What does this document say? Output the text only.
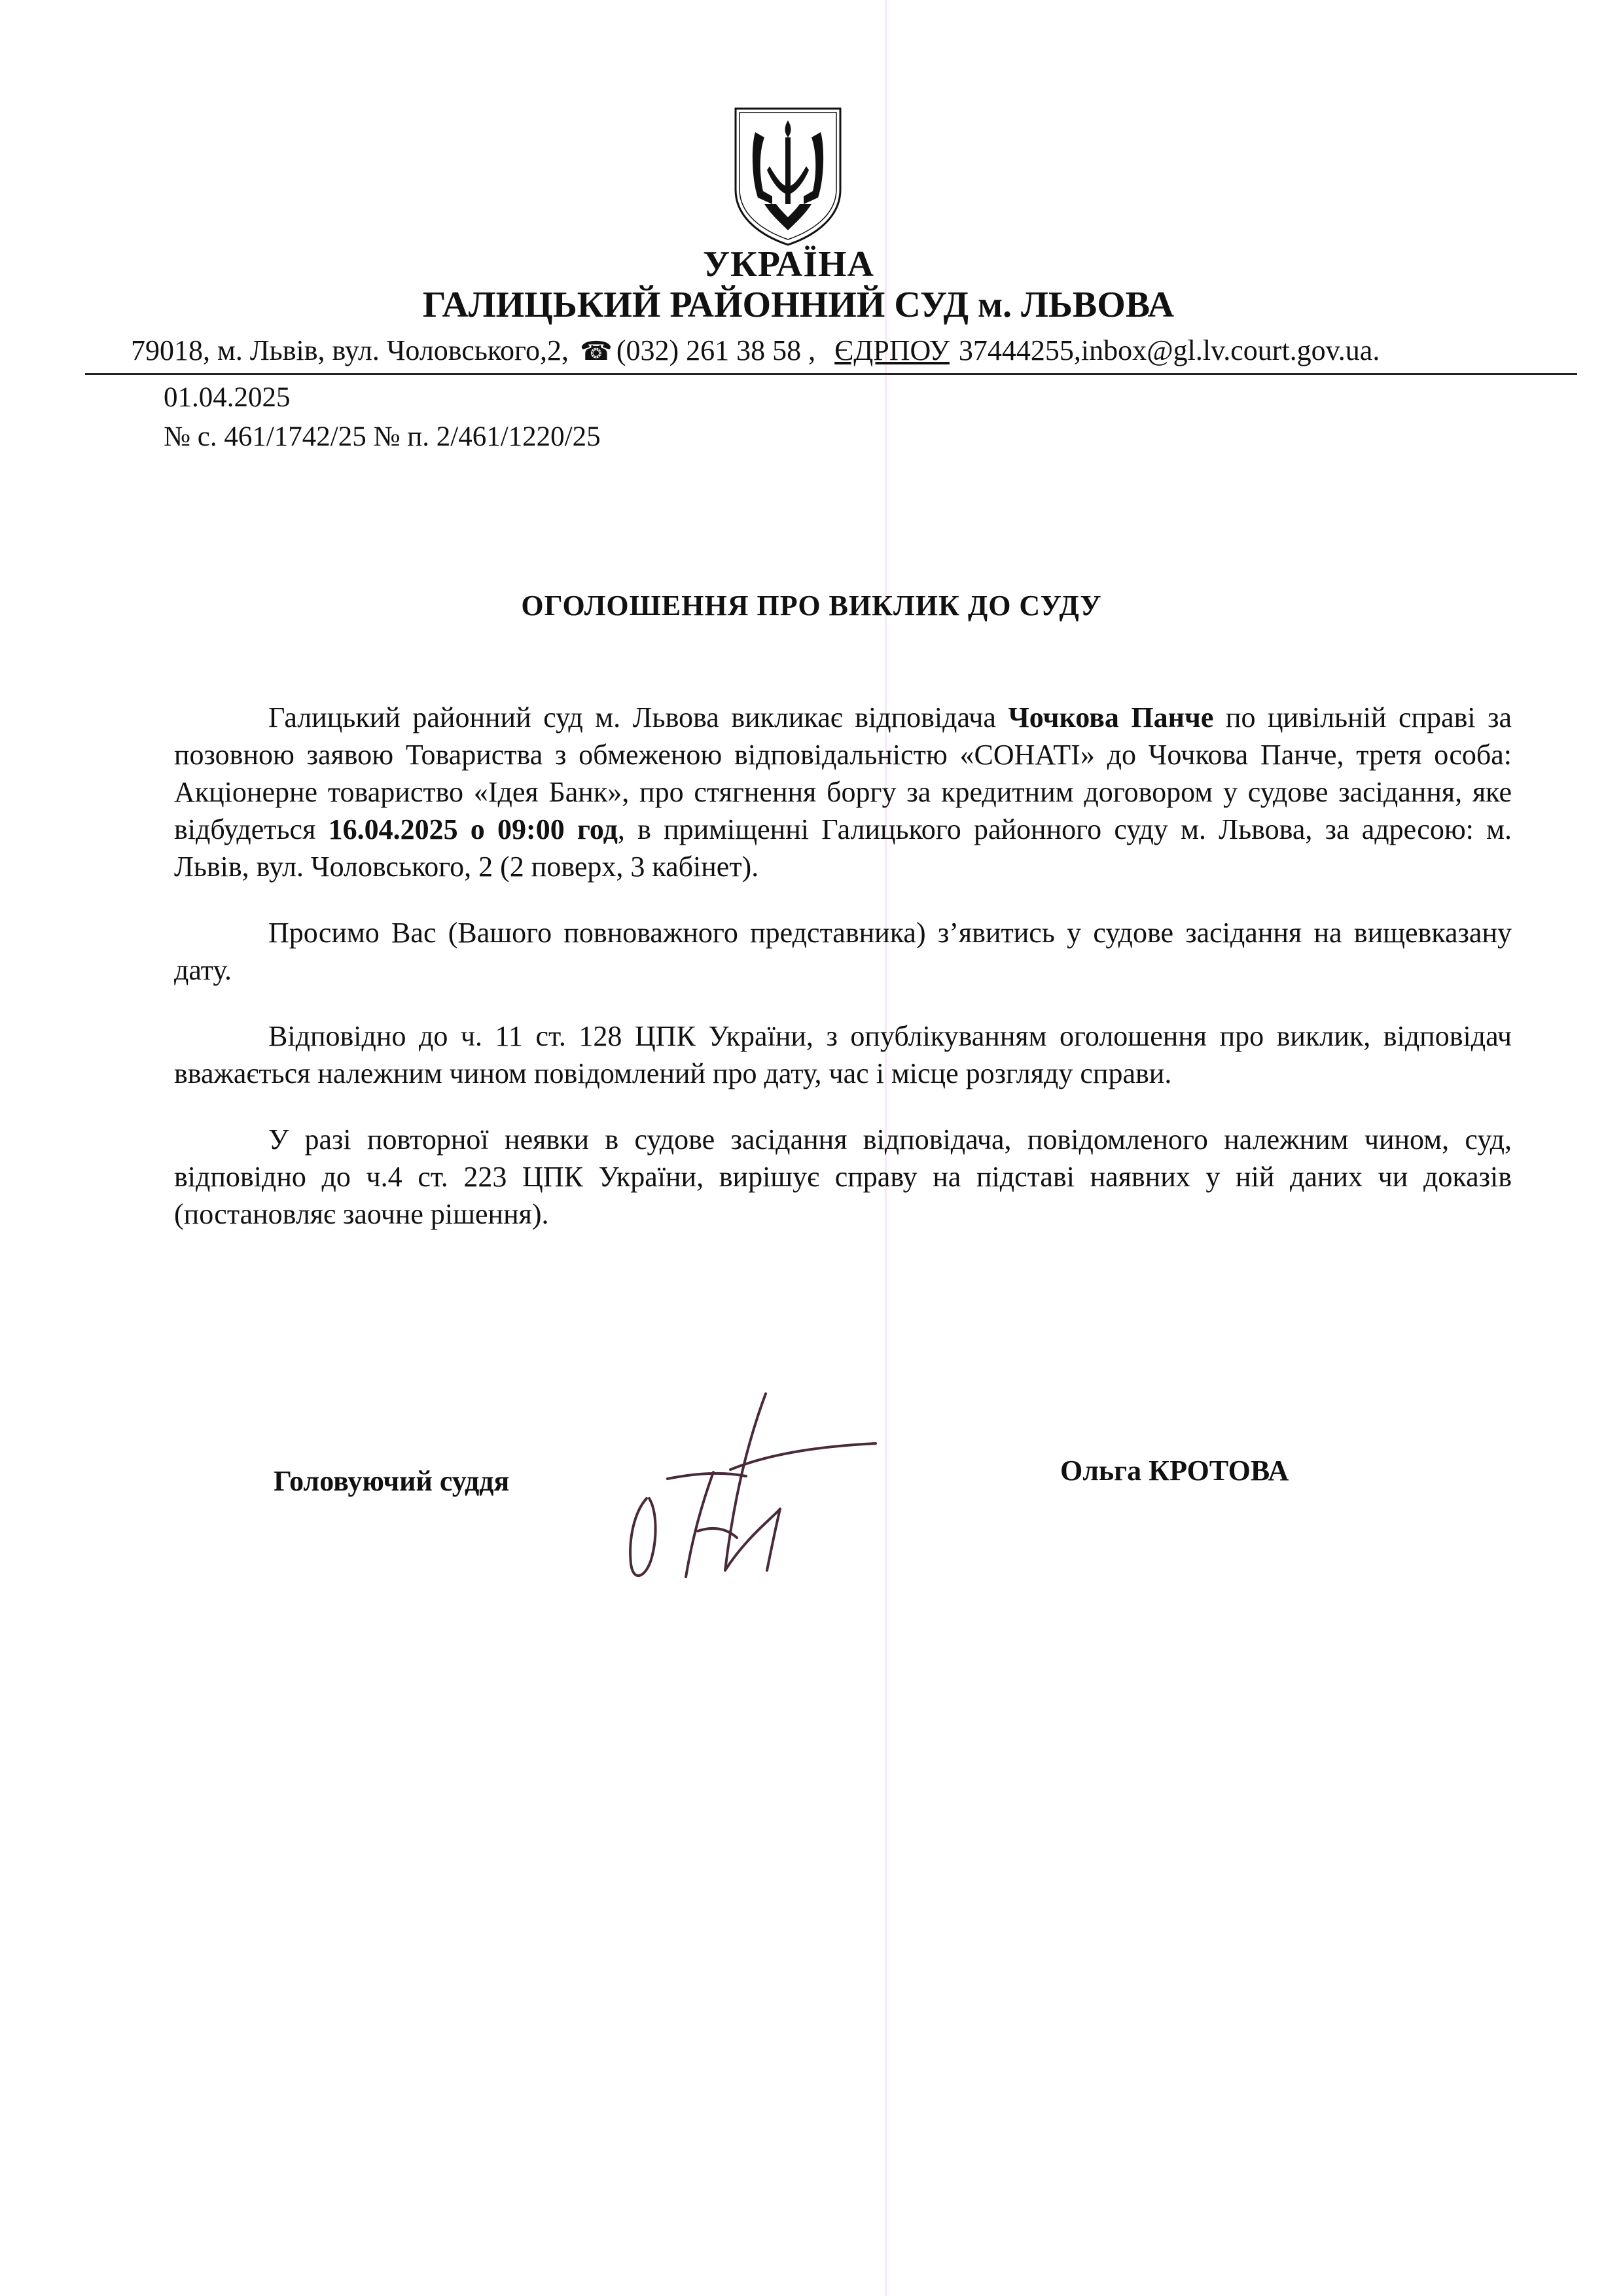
УКРАЇНА
ГАЛИЦЬКИЙ РАЙОННИЙ СУД м. ЛЬВОВА
79018, м. Львів, вул. Чоловського,2, ☎ (032) 261 38 58 , ЄДРПОУ 37444255,inbox@gl.lv.court.gov.ua.
01.04.2025
№ с. 461/1742/25 № п. 2/461/1220/25
ОГОЛОШЕННЯ ПРО ВИКЛИК ДО СУДУ

Галицький районний суд м. Львова викликає відповідача Чочкова Панче по цивільній справі за позовною заявою Товариства з обмеженою відповідальністю «СОНАТІ» до Чочкова Панче, третя особа: Акціонерне товариство «Ідея Банк», про стягнення боргу за кредитним договором у судове засідання, яке відбудеться 16.04.2025 о 09:00 год, в приміщенні Галицького районного суду м. Львова, за адресою: м. Львів, вул. Чоловського, 2 (2 поверх, 3 кабінет).

Просимо Вас (Вашого повноважного представника) з’явитись у судове засідання на вищевказану дату.

Відповідно до ч. 11 ст. 128 ЦПК України, з опублікуванням оголошення про виклик, відповідач вважається належним чином повідомлений про дату, час і місце розгляду справи.

У разі повторної неявки в судове засідання відповідача, повідомленого належним чином, суд, відповідно до ч.4 ст. 223 ЦПК України, вирішує справу на підставі наявних у ній даних чи доказів (постановляє заочне рішення).

Головуючий суддя	Ольга КРОТОВА
